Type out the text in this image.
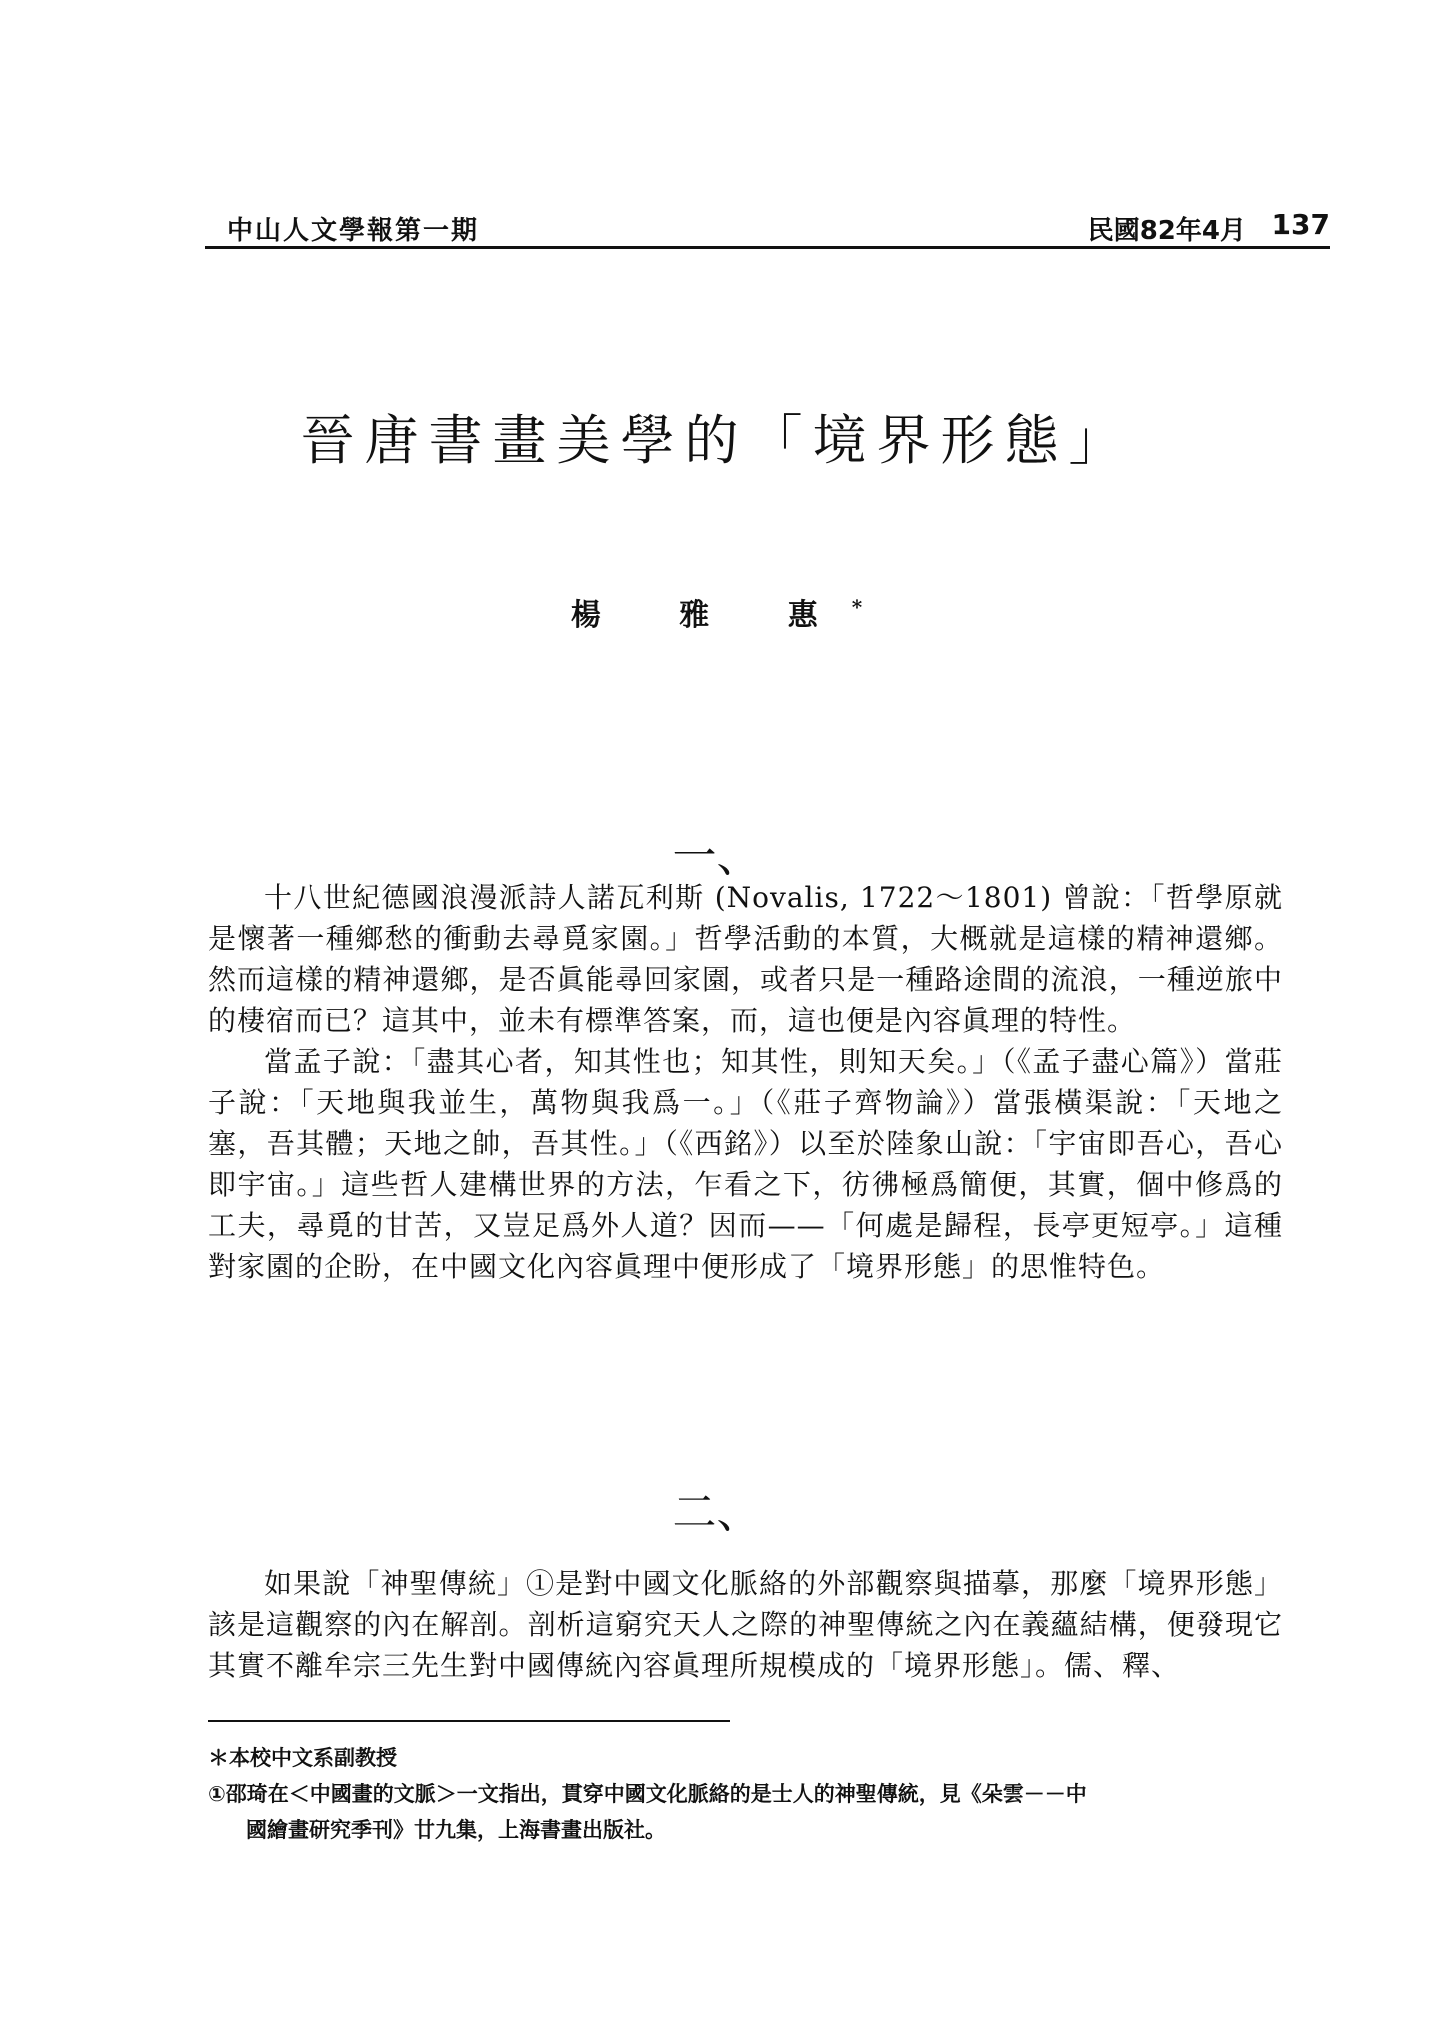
中山人文學報第一期	民國82年4月 137
晉唐書畫美學的「境界形態」
楊 雅 惠*
一、

十八世紀德國浪漫派詩人諾瓦利斯 (Novalis, 1722～1801) 曾說：「哲學原就是懷著一種鄉愁的衝動去尋覓家園。」哲學活動的本質，大概就是這樣的精神還鄉。然而這樣的精神還鄉，是否眞能尋回家園，或者只是一種路途間的流浪，一種逆旅中的棲宿而已？這其中，並未有標準答案，而，這也便是內容眞理的特性。

當孟子說：「盡其心者，知其性也；知其性，則知天矣。」（《孟子盡心篇》）當莊子說：「天地與我並生，萬物與我爲一。」（《莊子齊物論》）當張橫渠說：「天地之塞，吾其體；天地之帥，吾其性。」（《西銘》）以至於陸象山說：「宇宙即吾心，吾心即宇宙。」這些哲人建構世界的方法，乍看之下，彷彿極爲簡便，其實，個中修爲的工夫，尋覓的甘苦，又豈足爲外人道？因而——「何處是歸程，長亭更短亭。」這種對家園的企盼，在中國文化內容眞理中便形成了「境界形態」的思惟特色。

二、

如果說「神聖傳統」①是對中國文化脈絡的外部觀察與描摹，那麼「境界形態」該是這觀察的內在解剖。剖析這窮究天人之際的神聖傳統之內在義蘊結構，便發現它其實不離牟宗三先生對中國傳統內容眞理所規模成的「境界形態」。儒、釋、

＊本校中文系副教授

①邵琦在＜中國畫的文脈＞一文指出，貫穿中國文化脈絡的是士人的神聖傳統，見《朵雲－－中

國繪畫研究季刊》廿九集，上海書畫出版社。
